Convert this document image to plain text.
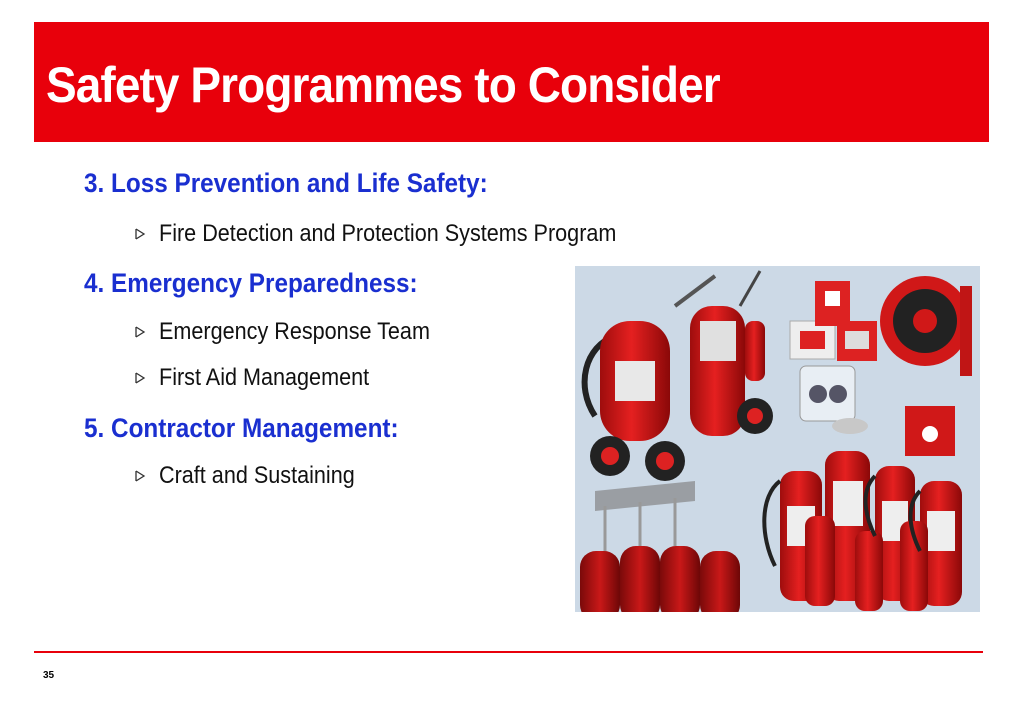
Safety Programmes to Consider
3. Loss Prevention and Life Safety:
Fire Detection and Protection Systems Program
4. Emergency Preparedness:
Emergency Response Team
First Aid Management
5. Contractor Management:
Craft and Sustaining
35
